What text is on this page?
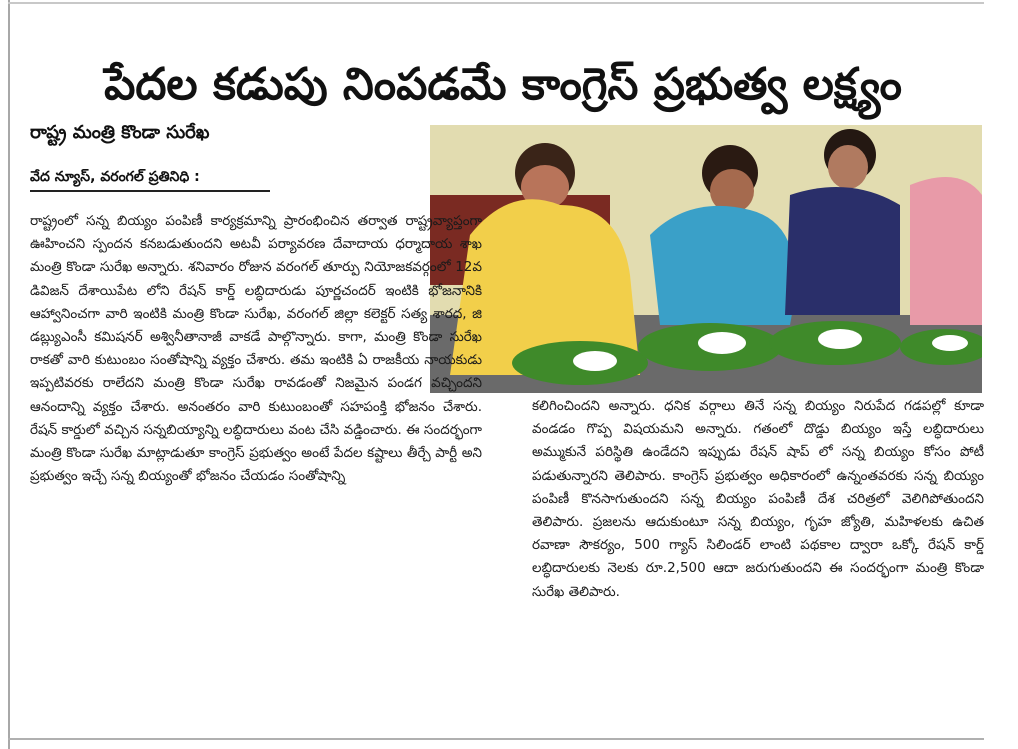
పేదల కడుపు నింపడమే కాంగ్రెస్ ప్రభుత్వ లక్ష్యం
రాష్ట్ర మంత్రి కొండా సురేఖ
వేద న్యూస్, వరంగల్ ప్రతినిధి :
రాష్ట్రంలో సన్న బియ్యం పంపిణీ కార్యక్రమాన్ని ప్రారంభించిన తర్వాత రాష్ట్రవ్యాప్తంగా ఊహించని స్పందన కనబడుతుందని అటవీ పర్యావరణ దేవాదాయ ధర్మాదాయ శాఖ మంత్రి కొండా సురేఖ అన్నారు. శనివారం రోజున వరంగల్ తూర్పు నియోజకవర్గంలో 12వ డివిజన్ దేశాయిపేట లోని రేషన్ కార్డ్ లబ్ధిదారుడు పూర్ణచందర్ ఇంటికి భోజనానికి ఆహ్వానించగా వారి ఇంటికి మంత్రి కొండా సురేఖ, వరంగల్ జిల్లా కలెక్టర్ సత్య శారద, జి డబ్ల్యుఎంసీ కమిషనర్ అశ్వినీతానాజీ వాకడే పాల్గొన్నారు. కాగా, మంత్రి కొండా సురేఖ రాకతో వారి కుటుంబం సంతోషాన్ని వ్యక్తం చేశారు. తమ ఇంటికి ఏ రాజకీయ నాయకుడు ఇప్పటివరకు రాలేదని మంత్రి కొండా సురేఖ రావడంతో నిజమైన పండగ వచ్చిందని ఆనందాన్ని వ్యక్తం చేశారు. అనంతరం వారి కుటుంబంతో సహపంక్తి భోజనం చేశారు. రేషన్ కార్డులో వచ్చిన సన్నబియ్యాన్ని లబ్ధిదారులు వంట చేసి వడ్డించారు. ఈ సందర్భంగా మంత్రి కొండా సురేఖ మాట్లాడుతూ కాంగ్రెస్ ప్రభుత్వం అంటే పేదల కష్టాలు తీర్చే పార్టీ అని ప్రభుత్వం ఇచ్చే సన్న బియ్యంతో భోజనం చేయడం సంతోషాన్ని
కలిగించిందని అన్నారు. ధనిక వర్గాలు తినే సన్న బియ్యం నిరుపేద గడపల్లో కూడా వండడం గొప్ప విషయమని అన్నారు. గతంలో దొడ్డు బియ్యం ఇస్తే లబ్ధిదారులు అమ్ముకునే పరిస్థితి ఉండేదని ఇప్పుడు రేషన్ షాప్ లో సన్న బియ్యం కోసం పోటీ పడుతున్నారని తెలిపారు. కాంగ్రెస్ ప్రభుత్వం అధికారంలో ఉన్నంతవరకు సన్న బియ్యం పంపిణీ కొనసాగుతుందని సన్న బియ్యం పంపిణీ దేశ చరిత్రలో వెలిగిపోతుందని తెలిపారు. ప్రజలను ఆదుకుంటూ సన్న బియ్యం, గృహ జ్యోతి, మహిళలకు ఉచిత రవాణా సౌకర్యం, 500 గ్యాస్ సిలిండర్ లాంటి పథకాల ద్వారా ఒక్కో రేషన్ కార్డ్ లబ్ధిదారులకు నెలకు రూ.2,500 ఆదా జరుగుతుందని ఈ సందర్భంగా మంత్రి కొండా సురేఖ తెలిపారు.
